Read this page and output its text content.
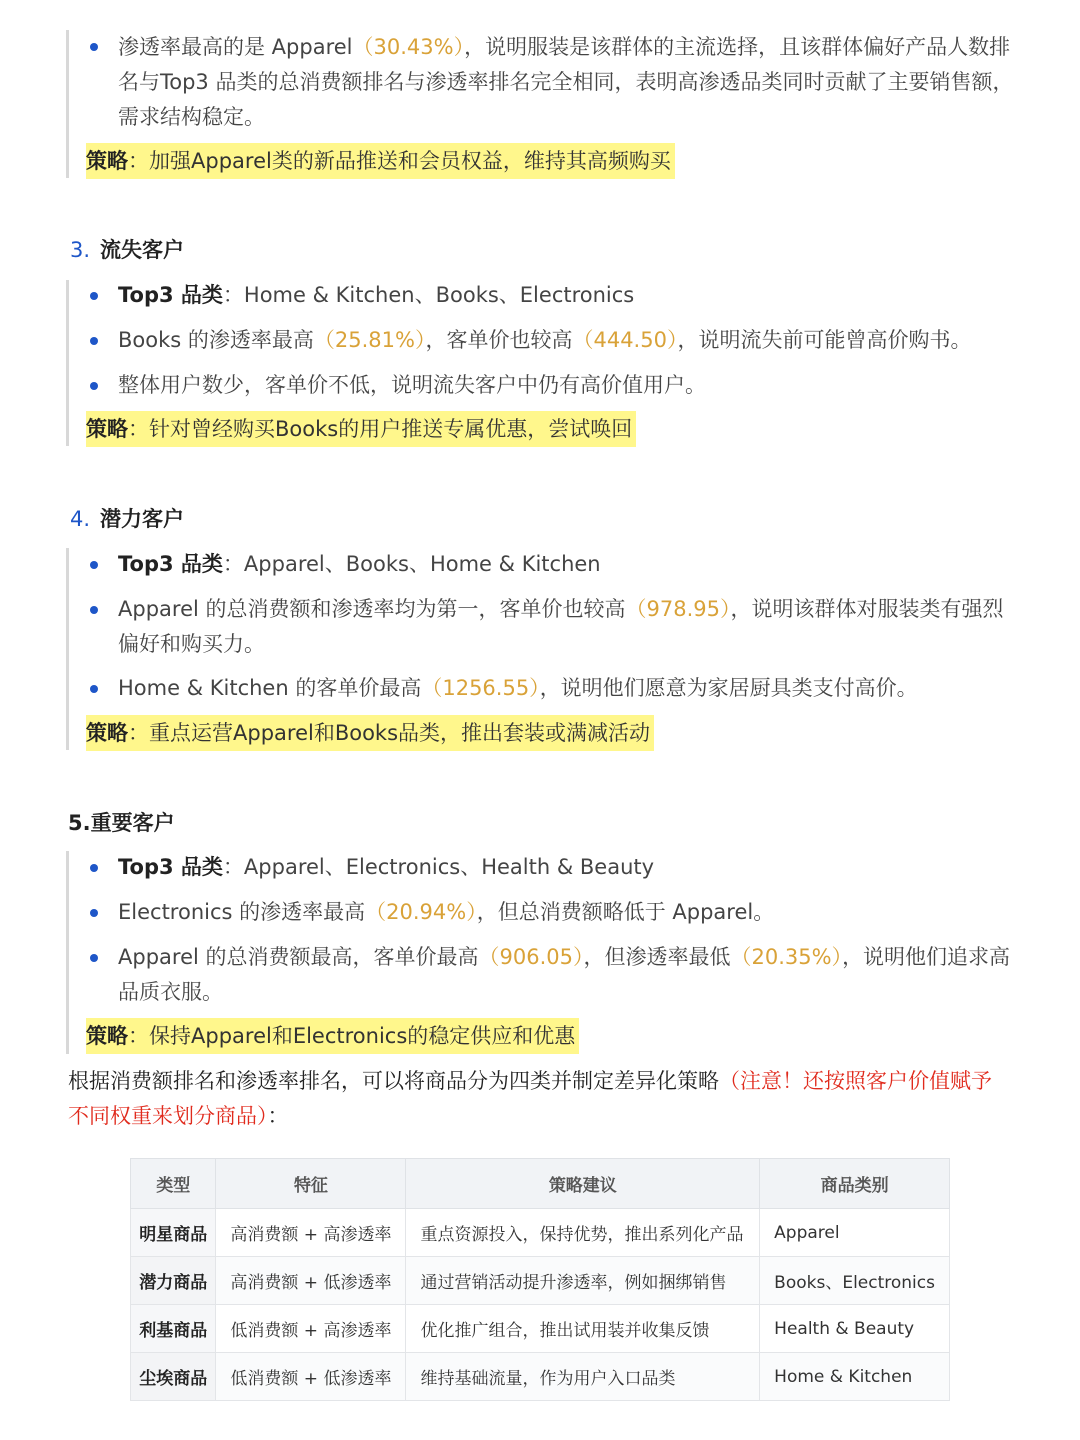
渗透率最高的是 Apparel（30.43%），说明服装是该群体的主流选择，且该群体偏好产品人数排名与Top3 品类的总消费额排名与渗透率排名完全相同，表明高渗透品类同时贡献了主要销售额，需求结构稳定。
策略：加强Apparel类的新品推送和会员权益，维持其高频购买
3. 流失客户
Top3 品类：Home & Kitchen、Books、Electronics
Books 的渗透率最高（25.81%），客单价也较高（444.50），说明流失前可能曾高价购书。
整体用户数少，客单价不低，说明流失客户中仍有高价值用户。
策略：针对曾经购买Books的用户推送专属优惠，尝试唤回
4. 潜力客户
Top3 品类：Apparel、Books、Home & Kitchen
Apparel 的总消费额和渗透率均为第一，客单价也较高（978.95），说明该群体对服装类有强烈偏好和购买力。
Home & Kitchen 的客单价最高（1256.55），说明他们愿意为家居厨具类支付高价。
策略：重点运营Apparel和Books品类，推出套装或满减活动
5.重要客户
Top3 品类：Apparel、Electronics、Health & Beauty
Electronics 的渗透率最高（20.94%），但总消费额略低于 Apparel。
Apparel 的总消费额最高，客单价最高（906.05），但渗透率最低（20.35%），说明他们追求高品质衣服。
策略：保持Apparel和Electronics的稳定供应和优惠
根据消费额排名和渗透率排名，可以将商品分为四类并制定差异化策略（注意！还按照客户价值赋予不同权重来划分商品）：
类型	特征	策略建议	商品类别
明星商品	高消费额 + 高渗透率	重点资源投入，保持优势，推出系列化产品	Apparel
潜力商品	高消费额 + 低渗透率	通过营销活动提升渗透率，例如捆绑销售	Books、Electronics
利基商品	低消费额 + 高渗透率	优化推广组合，推出试用装并收集反馈	Health & Beauty
尘埃商品	低消费额 + 低渗透率	维持基础流量，作为用户入口品类	Home & Kitchen
